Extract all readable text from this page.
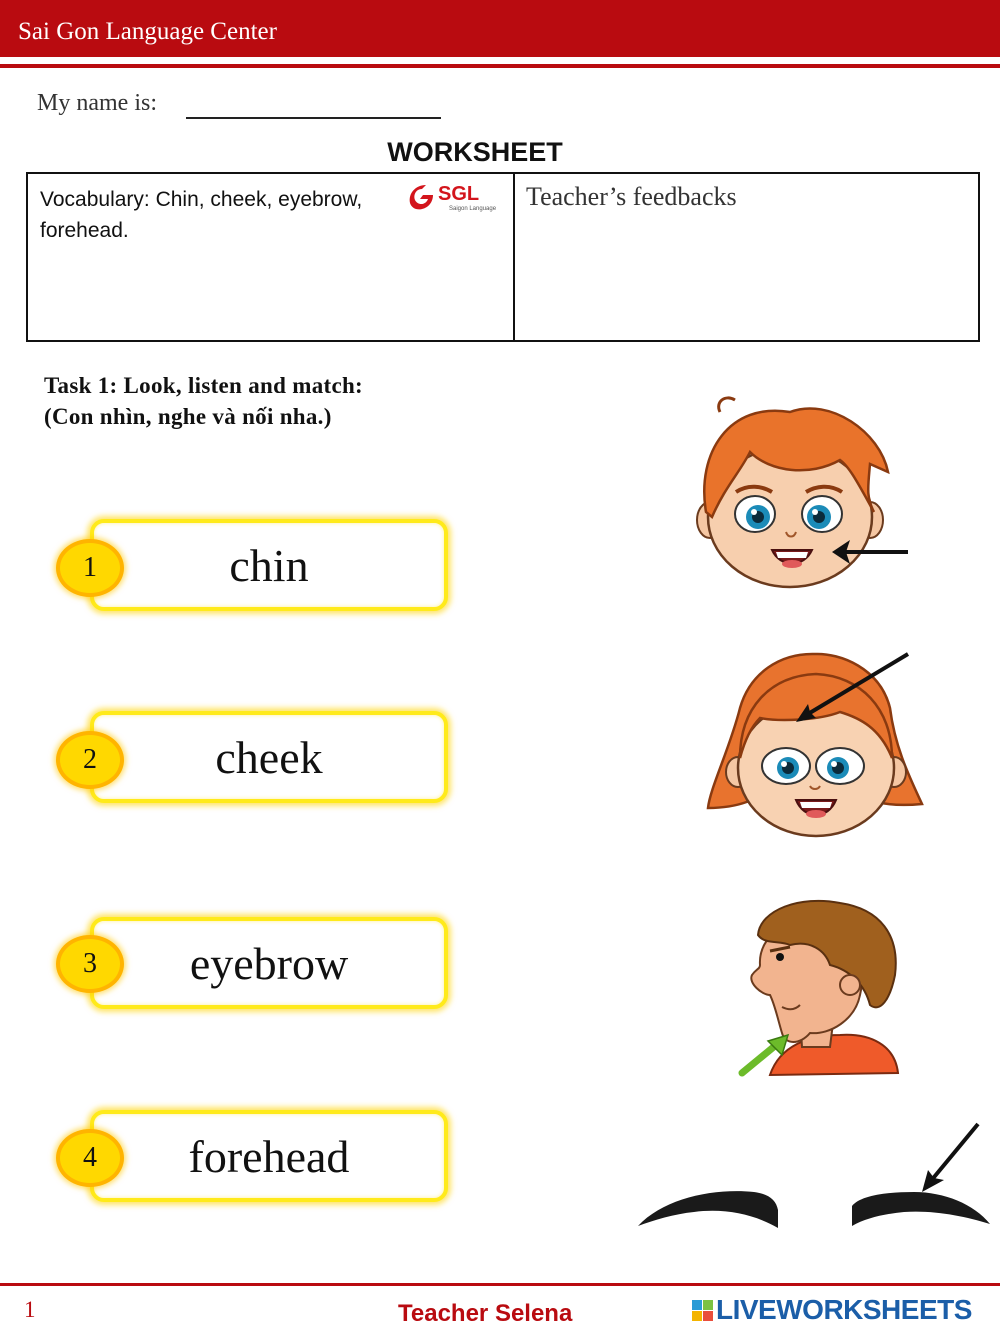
Sai Gon Language Center
My name is:
WORKSHEET
Vocabulary: Chin, cheek, eyebrow, forehead.
SGL
Saigon Language Teacher’s feedbacks
Task 1: Look, listen and match:
(Con nhìn, nghe và nối nha.)
chin
1
cheek
2
eyebrow
3
forehead
4
1	Teacher Selena	LIVEWORKSHEETS
